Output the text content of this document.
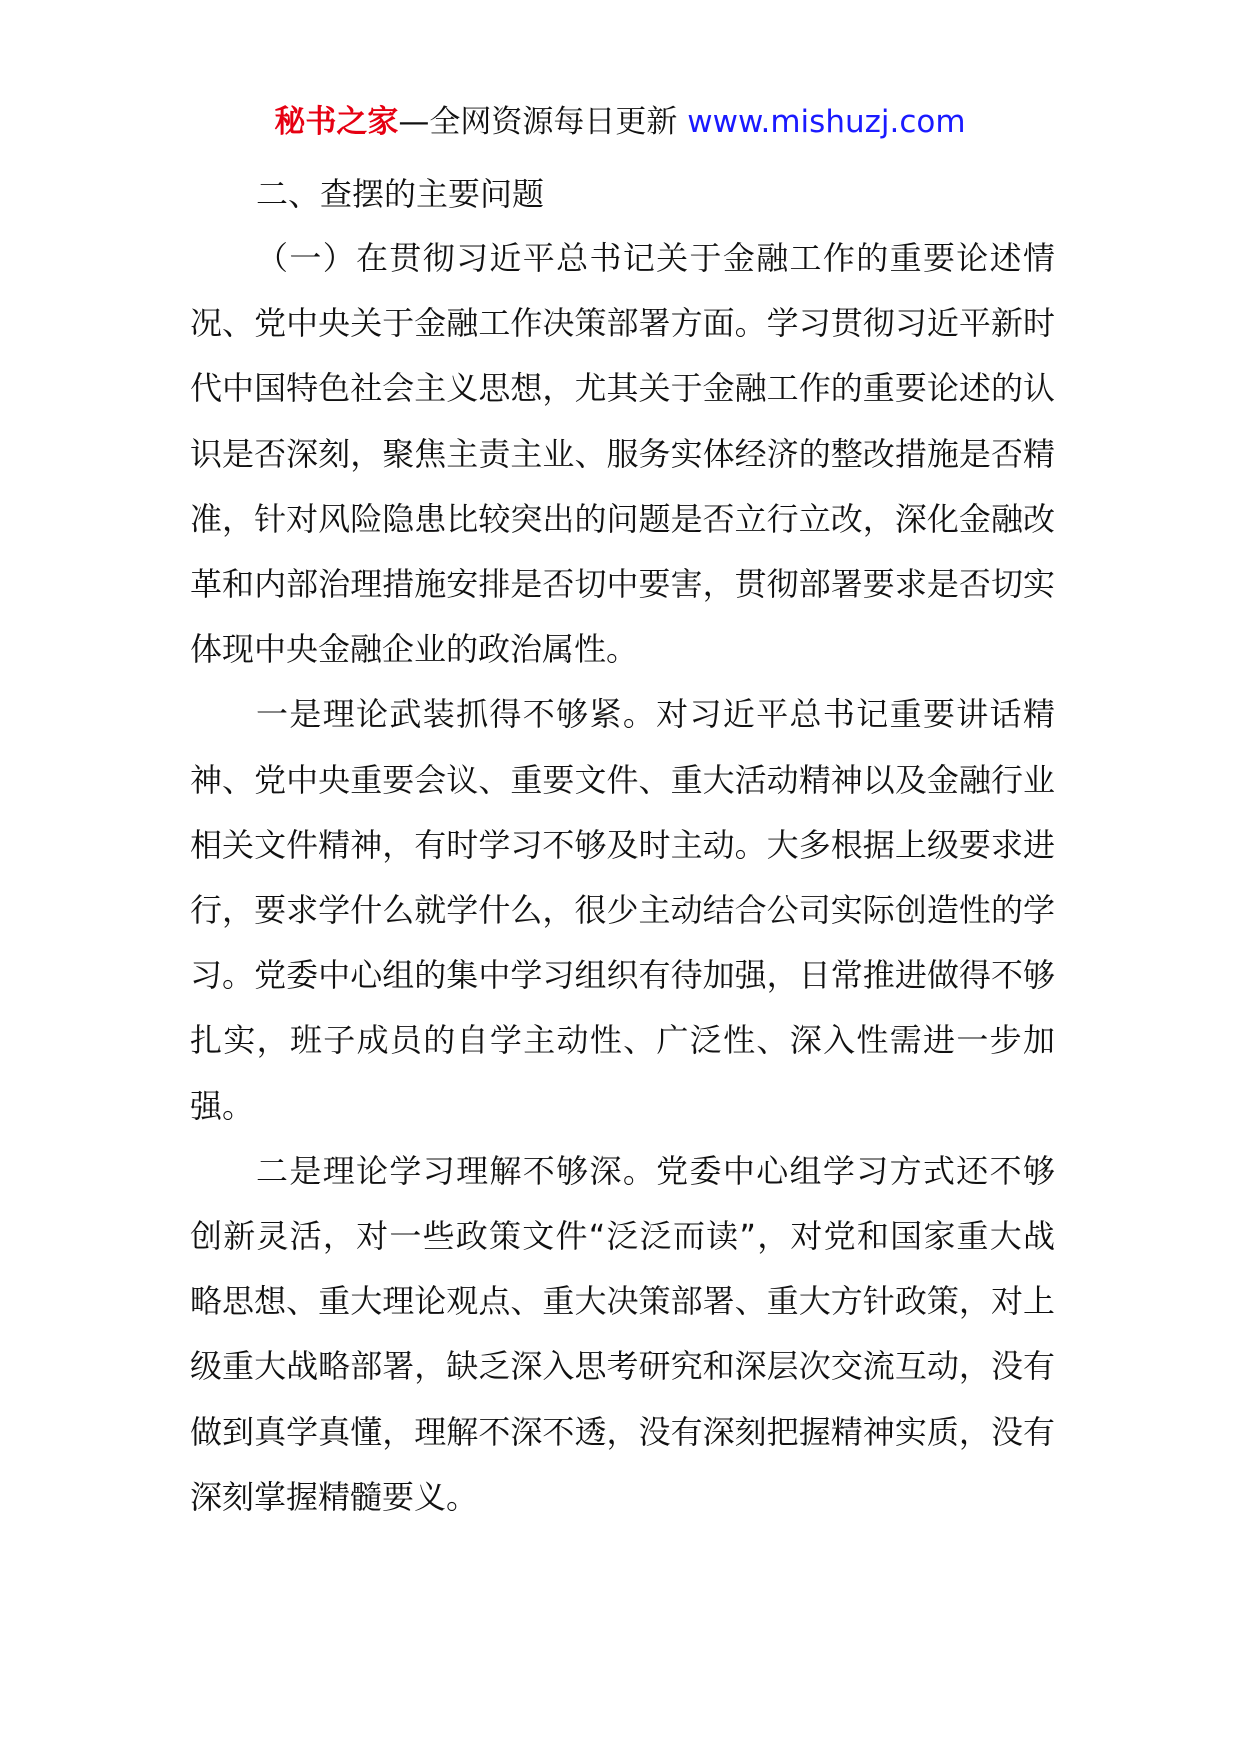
秘书之家—全网资源每日更新 www.mishuzj.com

二、查摆的主要问题

（一）在贯彻习近平总书记关于金融工作的重要论述情况、党中央关于金融工作决策部署方面。学习贯彻习近平新时代中国特色社会主义思想，尤其关于金融工作的重要论述的认识是否深刻，聚焦主责主业、服务实体经济的整改措施是否精准，针对风险隐患比较突出的问题是否立行立改，深化金融改革和内部治理措施安排是否切中要害，贯彻部署要求是否切实体现中央金融企业的政治属性。

一是理论武装抓得不够紧。对习近平总书记重要讲话精神、党中央重要会议、重要文件、重大活动精神以及金融行业相关文件精神，有时学习不够及时主动。大多根据上级要求进行，要求学什么就学什么，很少主动结合公司实际创造性的学习。党委中心组的集中学习组织有待加强，日常推进做得不够扎实，班子成员的自学主动性、广泛性、深入性需进一步加强。

二是理论学习理解不够深。党委中心组学习方式还不够创新灵活，对一些政策文件“泛泛而读”，对党和国家重大战略思想、重大理论观点、重大决策部署、重大方针政策，对上级重大战略部署，缺乏深入思考研究和深层次交流互动，没有做到真学真懂，理解不深不透，没有深刻把握精神实质，没有深刻掌握精髓要义。
